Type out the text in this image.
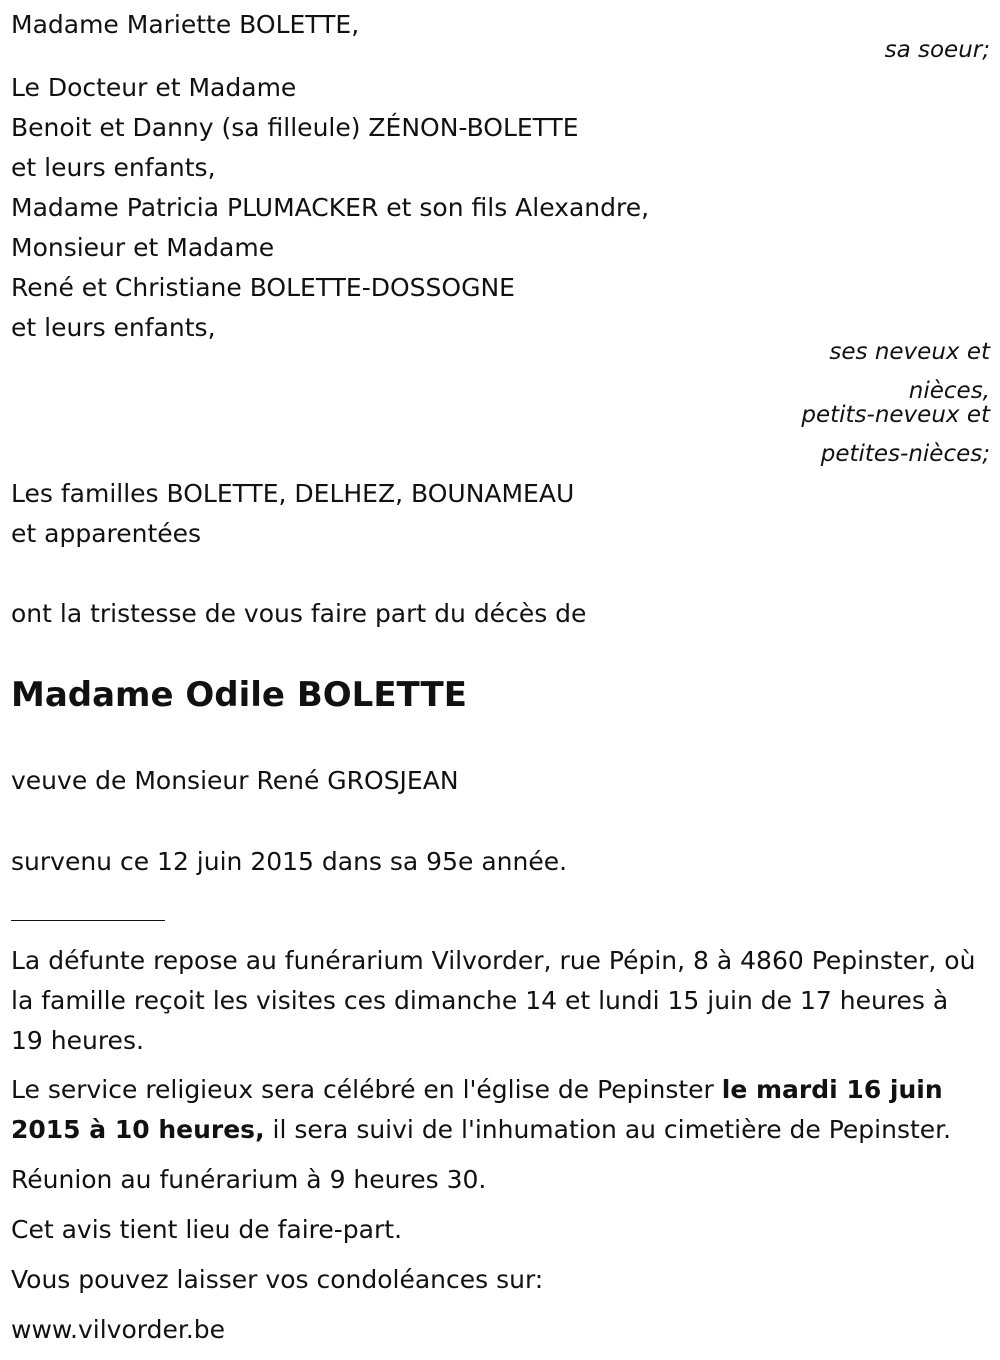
Madame Mariette BOLETTE,
sa soeur;
Le Docteur et Madame
Benoit et Danny (sa filleule) ZÉNON-BOLETTE
et leurs enfants,
Madame Patricia PLUMACKER et son fils Alexandre,
Monsieur et Madame
René et Christiane BOLETTE-DOSSOGNE
et leurs enfants,
ses neveux et
nièces,
petits-neveux et
petites-nièces;
Les familles BOLETTE, DELHEZ, BOUNAMEAU
et apparentées
ont la tristesse de vous faire part du décès de
Madame Odile BOLETTE
veuve de Monsieur René GROSJEAN
survenu ce 12 juin 2015 dans sa 95e année.
La défunte repose au funérarium Vilvorder, rue Pépin, 8 à 4860 Pepinster, où la famille reçoit les visites ces dimanche 14 et lundi 15 juin de 17 heures à 19 heures.
Le service religieux sera célébré en l'église de Pepinster le mardi 16 juin 2015 à 10 heures, il sera suivi de l'inhumation au cimetière de Pepinster.
Réunion au funérarium à 9 heures 30.
Cet avis tient lieu de faire-part.
Vous pouvez laisser vos condoléances sur:
www.vilvorder.be
